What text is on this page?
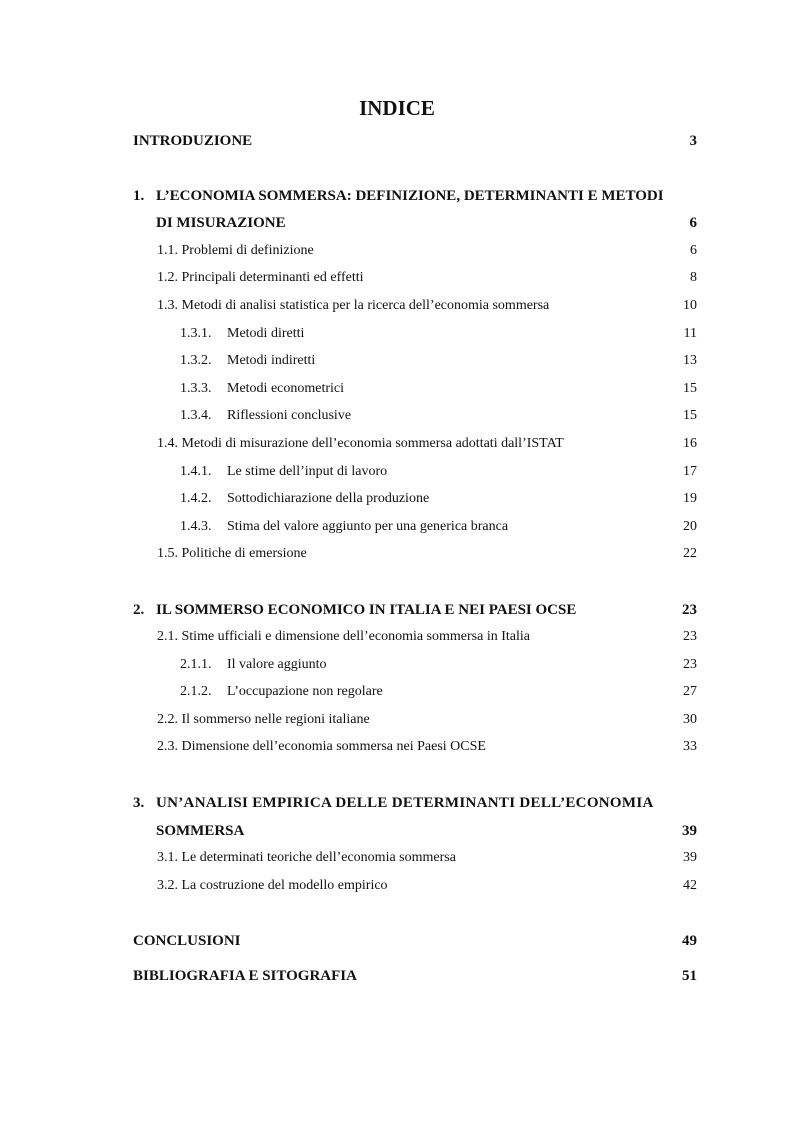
INDICE
INTRODUZIONE	3
1. L’ECONOMIA SOMMERSA: DEFINIZIONE, DETERMINANTI E METODI
DI MISURAZIONE	6
1.1. Problemi di definizione	6
1.2. Principali determinanti ed effetti	8
1.3. Metodi di analisi statistica per la ricerca dell’economia sommersa	10
1.3.1. Metodi diretti	11
1.3.2. Metodi indiretti	13
1.3.3. Metodi econometrici	15
1.3.4. Riflessioni conclusive	15
1.4. Metodi di misurazione dell’economia sommersa adottati dall’ISTAT	16
1.4.1. Le stime dell’input di lavoro	17
1.4.2. Sottodichiarazione della produzione	19
1.4.3. Stima del valore aggiunto per una generica branca	20
1.5. Politiche di emersione	22
2. IL SOMMERSO ECONOMICO IN ITALIA E NEI PAESI OCSE	23
2.1. Stime ufficiali e dimensione dell’economia sommersa in Italia	23
2.1.1. Il valore aggiunto	23
2.1.2. L’occupazione non regolare	27
2.2. Il sommerso nelle regioni italiane	30
2.3. Dimensione dell’economia sommersa nei Paesi OCSE	33
3. UN’ANALISI EMPIRICA DELLE DETERMINANTI DELL’ECONOMIA
SOMMERSA	39
3.1. Le determinati teoriche dell’economia sommersa	39
3.2. La costruzione del modello empirico	42
CONCLUSIONI	49
BIBLIOGRAFIA E SITOGRAFIA	51
